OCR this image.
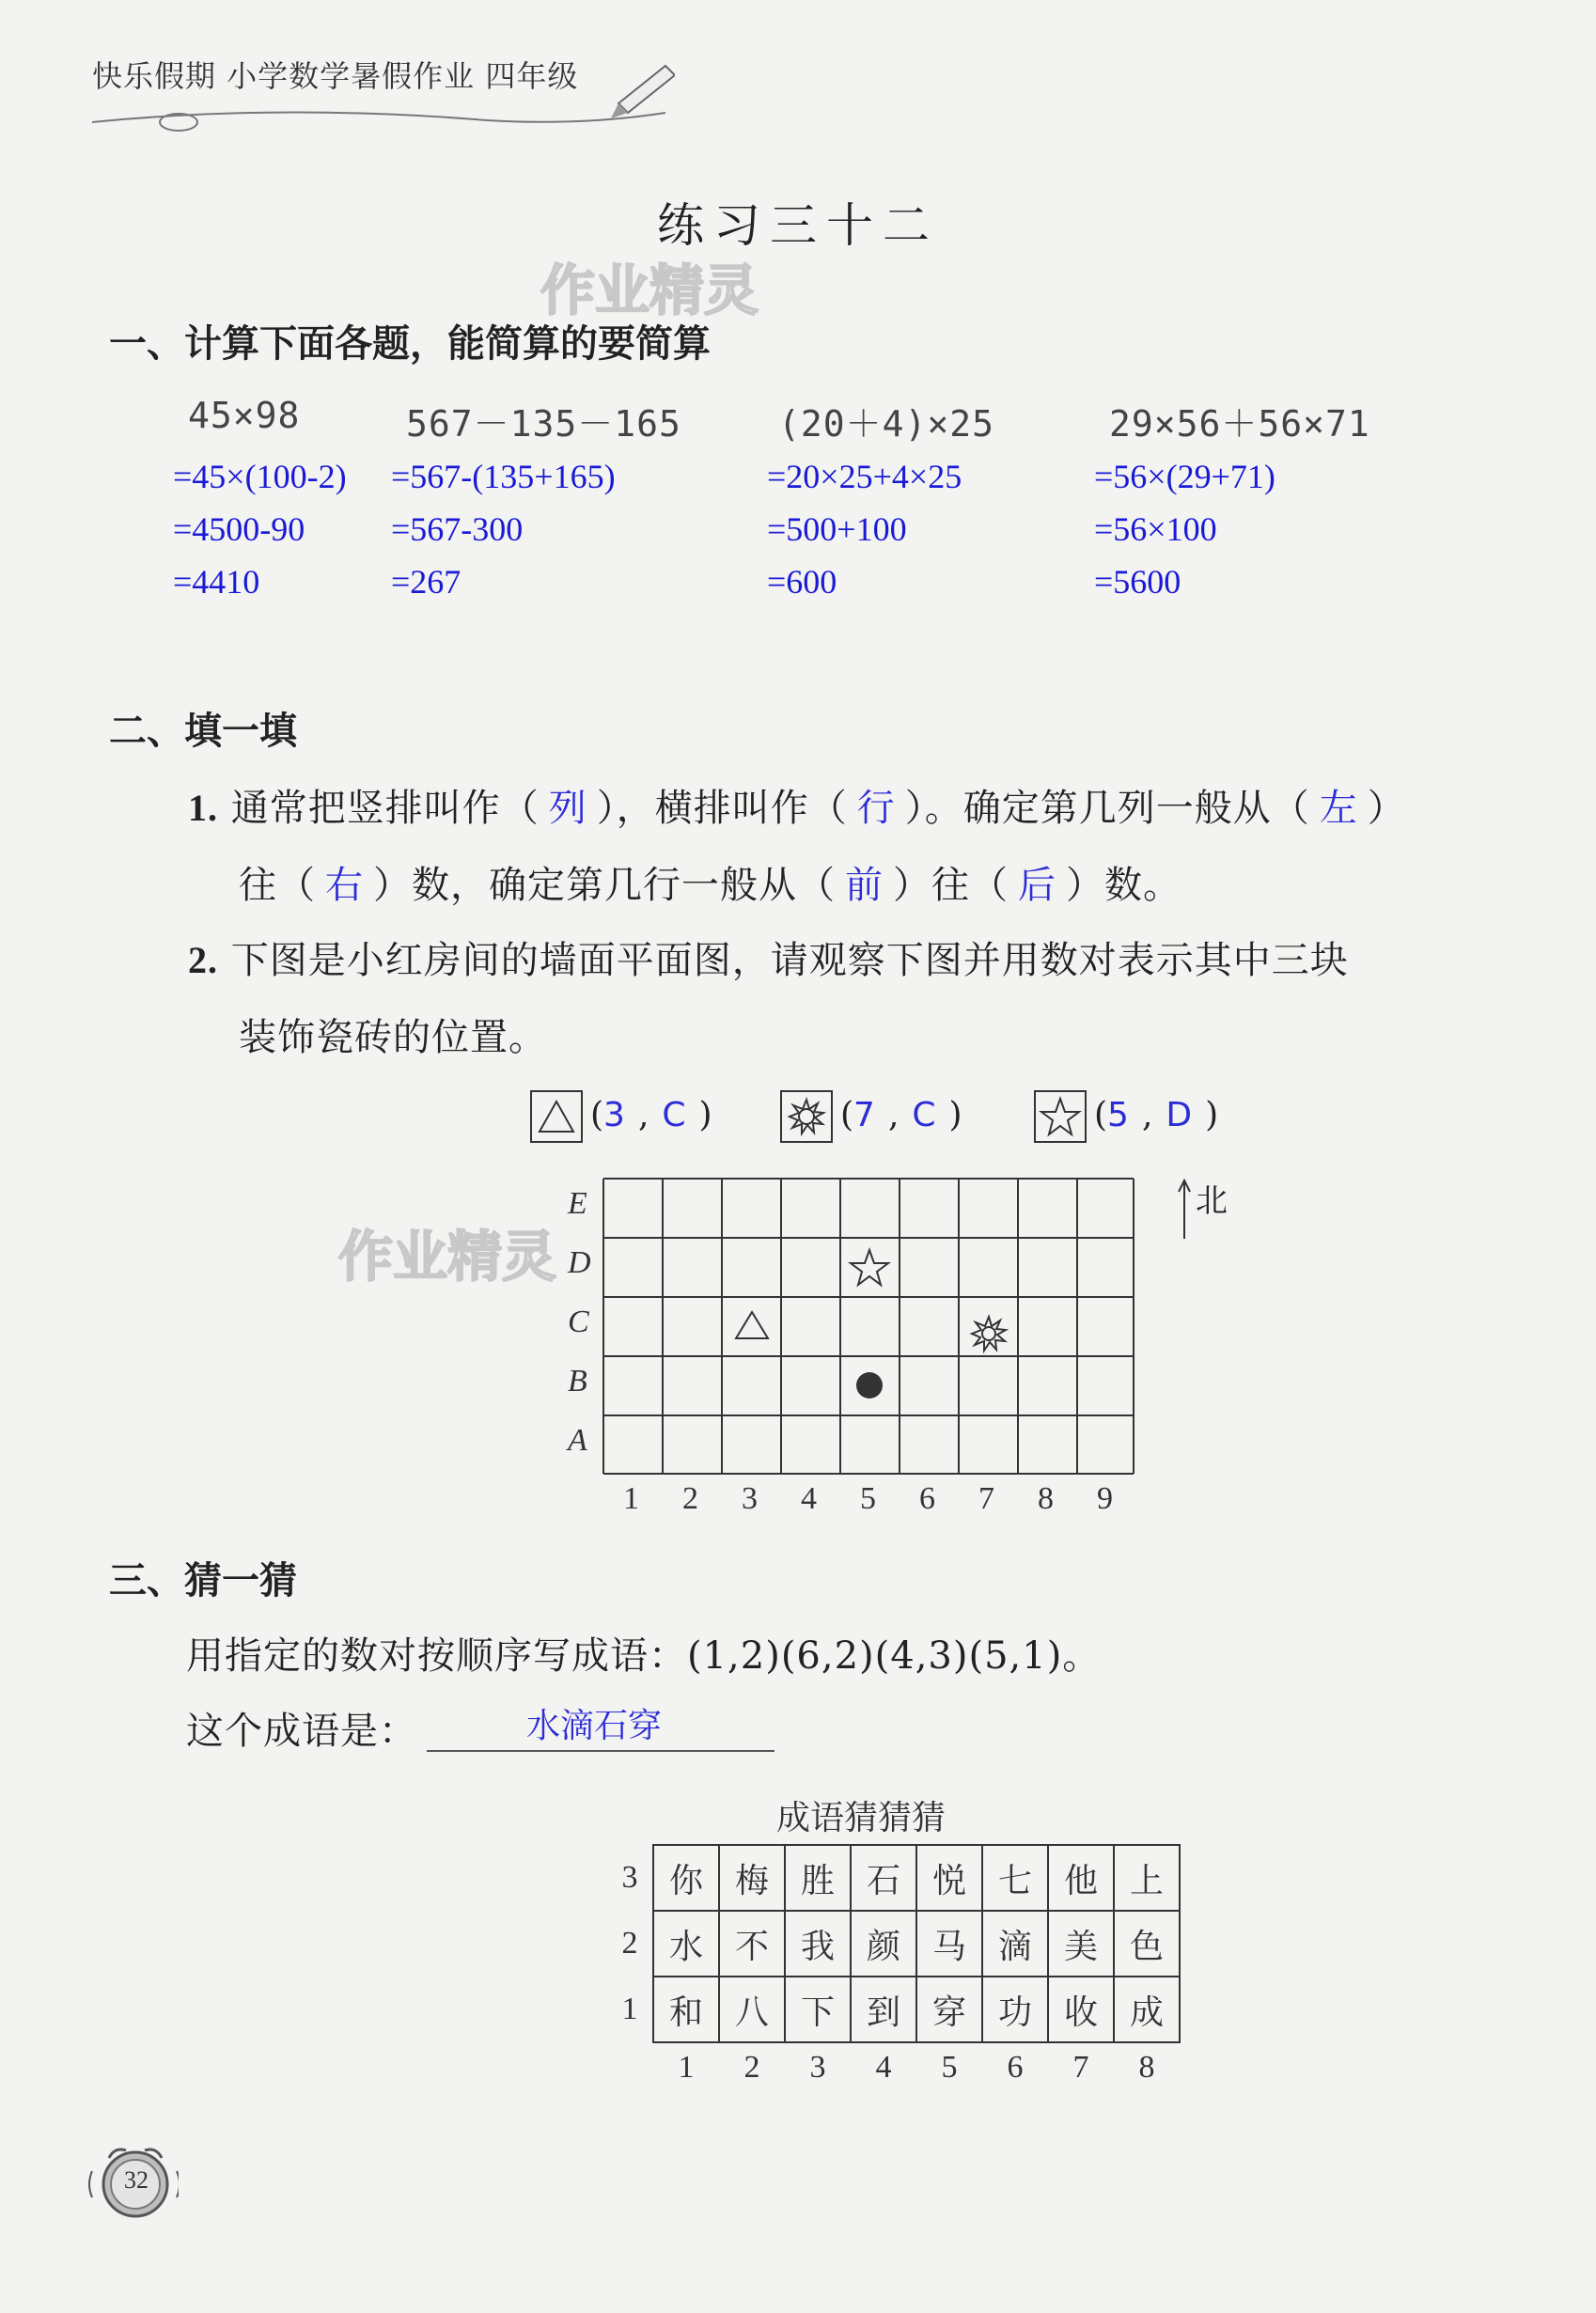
快乐假期 小学数学暑假作业 四年级
练习三十二
作业精灵
一、计算下面各题，能简算的要简算
45×98	567－135－165	(20＋4)×25	29×56＋56×71
=45×(100-2)
=4500-90
=4410
=567-(135+165)
=567-300
=267
=20×25+4×25
=500+100
=600
=56×(29+71)
=56×100
=5600
二、填一填
1. 通常把竖排叫作（ 列 ），横排叫作（ 行 ）。确定第几列一般从（ 左 ）
往（ 右 ）数，确定第几行一般从（ 前 ）往（ 后 ）数。
2. 下图是小红房间的墙面平面图，请观察下图并用数对表示其中三块
装饰瓷砖的位置。
(3 , C )	(7 , C )	(5 , D )
作业精灵
E
D
C
B
A
1 2 3 4 5 6 7 8 9
北
三、猜一猜
用指定的数对按顺序写成语：(1,2)(6,2)(4,3)(5,1)。
这个成语是：	水滴石穿
成语猜猜猜
3	你	梅	胜	石	悦	七	他	上
2	水	不	我	颜	马	滴	美	色
1	和	八	下	到	穿	功	收	成
	1	2	3	4	5	6	7	8
32
